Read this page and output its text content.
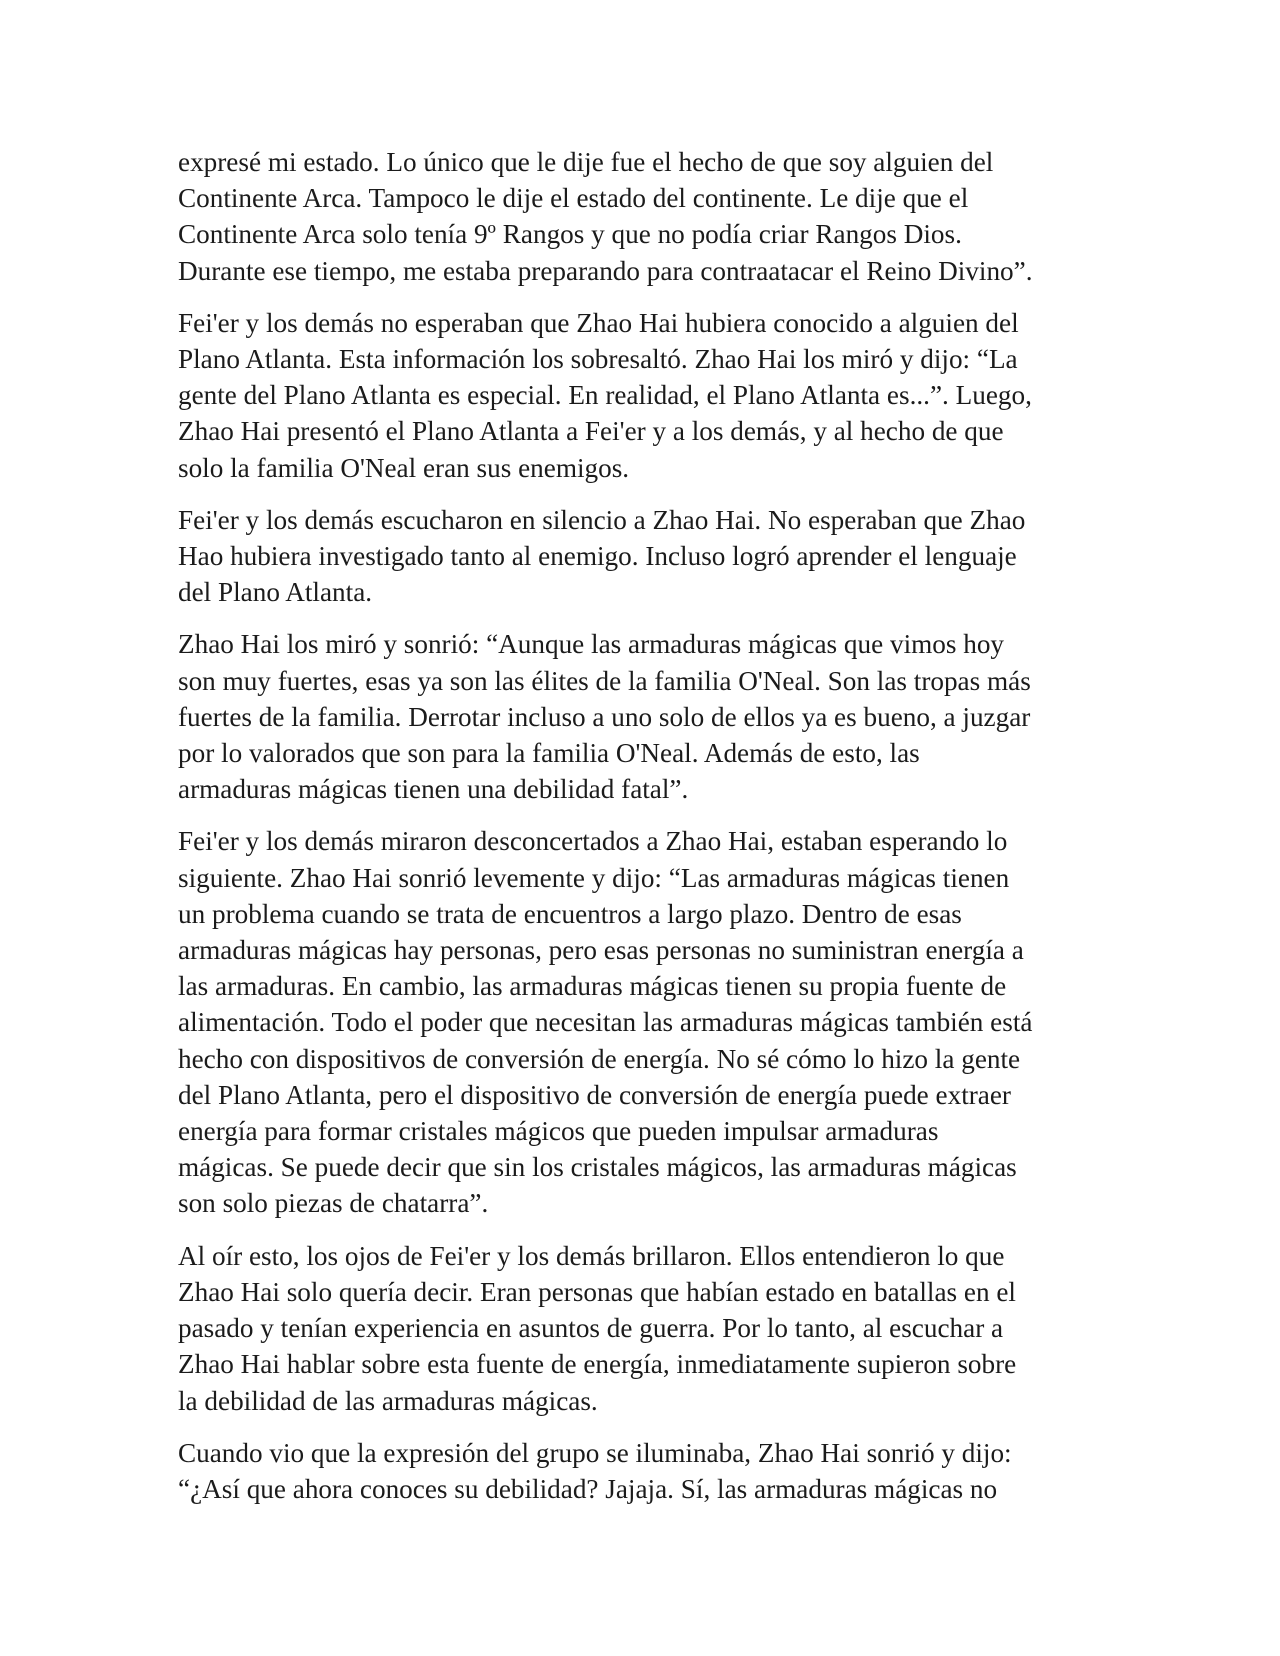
expresé mi estado. Lo único que le dije fue el hecho de que soy alguien del
Continente Arca. Tampoco le dije el estado del continente. Le dije que el
Continente Arca solo tenía 9º Rangos y que no podía criar Rangos Dios.
Durante ese tiempo, me estaba preparando para contraatacar el Reino Divino”.

Fei'er y los demás no esperaban que Zhao Hai hubiera conocido a alguien del
Plano Atlanta. Esta información los sobresaltó. Zhao Hai los miró y dijo: “La
gente del Plano Atlanta es especial. En realidad, el Plano Atlanta es...”. Luego,
Zhao Hai presentó el Plano Atlanta a Fei'er y a los demás, y al hecho de que
solo la familia O'Neal eran sus enemigos.

Fei'er y los demás escucharon en silencio a Zhao Hai. No esperaban que Zhao
Hao hubiera investigado tanto al enemigo. Incluso logró aprender el lenguaje
del Plano Atlanta.

Zhao Hai los miró y sonrió: “Aunque las armaduras mágicas que vimos hoy
son muy fuertes, esas ya son las élites de la familia O'Neal. Son las tropas más
fuertes de la familia. Derrotar incluso a uno solo de ellos ya es bueno, a juzgar
por lo valorados que son para la familia O'Neal. Además de esto, las
armaduras mágicas tienen una debilidad fatal”.

Fei'er y los demás miraron desconcertados a Zhao Hai, estaban esperando lo
siguiente. Zhao Hai sonrió levemente y dijo: “Las armaduras mágicas tienen
un problema cuando se trata de encuentros a largo plazo. Dentro de esas
armaduras mágicas hay personas, pero esas personas no suministran energía a
las armaduras. En cambio, las armaduras mágicas tienen su propia fuente de
alimentación. Todo el poder que necesitan las armaduras mágicas también está
hecho con dispositivos de conversión de energía. No sé cómo lo hizo la gente
del Plano Atlanta, pero el dispositivo de conversión de energía puede extraer
energía para formar cristales mágicos que pueden impulsar armaduras
mágicas. Se puede decir que sin los cristales mágicos, las armaduras mágicas
son solo piezas de chatarra”.

Al oír esto, los ojos de Fei'er y los demás brillaron. Ellos entendieron lo que
Zhao Hai solo quería decir. Eran personas que habían estado en batallas en el
pasado y tenían experiencia en asuntos de guerra. Por lo tanto, al escuchar a
Zhao Hai hablar sobre esta fuente de energía, inmediatamente supieron sobre
la debilidad de las armaduras mágicas.

Cuando vio que la expresión del grupo se iluminaba, Zhao Hai sonrió y dijo:
“¿Así que ahora conoces su debilidad? Jajaja. Sí, las armaduras mágicas no
